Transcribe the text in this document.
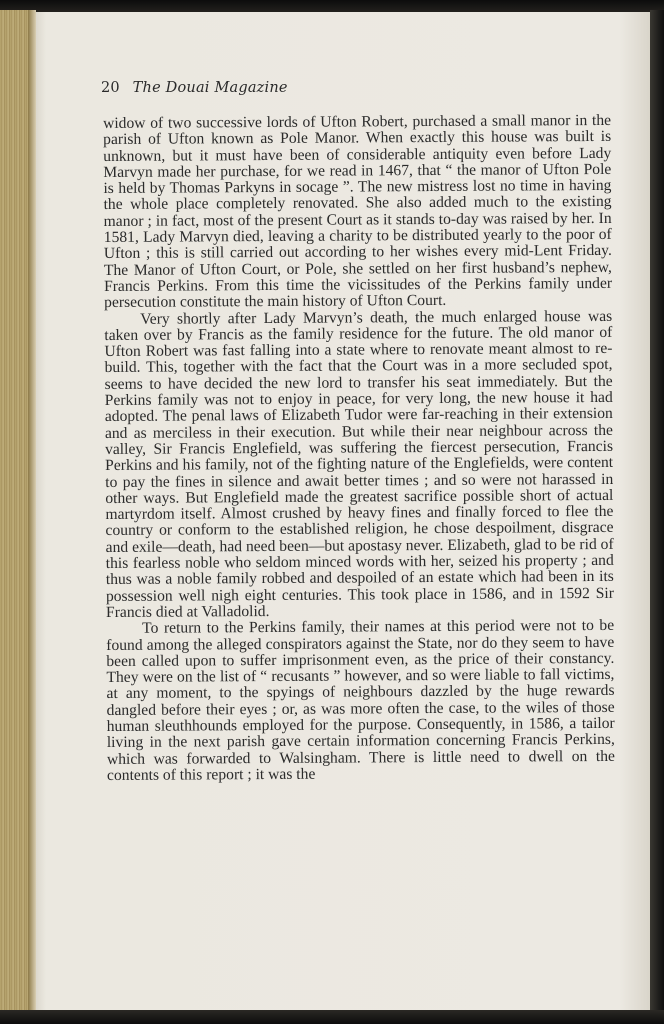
20 The Douai Magazine

widow of two successive lords of Ufton Robert, purchased a small manor in the parish of Ufton known as Pole Manor. When exactly this house was built is unknown, but it must have been of considerable antiquity even before Lady Marvyn made her purchase, for we read in 1467, that “ the manor of Ufton Pole is held by Thomas Parkyns in socage ”. The new mistress lost no time in having the whole place completely renovated. She also added much to the existing manor ; in fact, most of the present Court as it stands to-day was raised by her. In 1581, Lady Marvyn died, leaving a charity to be distributed yearly to the poor of Ufton ; this is still carried out according to her wishes every mid-Lent Friday. The Manor of Ufton Court, or Pole, she settled on her first husband’s nephew, Francis Perkins. From this time the vicissitudes of the Perkins family under persecution constitute the main history of Ufton Court.

Very shortly after Lady Marvyn’s death, the much enlarged house was taken over by Francis as the family residence for the future. The old manor of Ufton Robert was fast falling into a state where to renovate meant almost to re-build. This, together with the fact that the Court was in a more secluded spot, seems to have decided the new lord to transfer his seat immediately. But the Perkins family was not to enjoy in peace, for very long, the new house it had adopted. The penal laws of Elizabeth Tudor were far-reaching in their extension and as merciless in their execution. But while their near neighbour across the valley, Sir Francis Englefield, was suffering the fiercest persecution, Francis Perkins and his family, not of the fighting nature of the Englefields, were content to pay the fines in silence and await better times ; and so were not harassed in other ways. But Englefield made the greatest sacrifice possible short of actual martyrdom itself. Almost crushed by heavy fines and finally forced to flee the country or conform to the established religion, he chose despoilment, disgrace and exile—death, had need been—but apostasy never. Elizabeth, glad to be rid of this fearless noble who seldom minced words with her, seized his property ; and thus was a noble family robbed and despoiled of an estate which had been in its possession well nigh eight centuries. This took place in 1586, and in 1592 Sir Francis died at Valladolid.

To return to the Perkins family, their names at this period were not to be found among the alleged conspirators against the State, nor do they seem to have been called upon to suffer imprisonment even, as the price of their constancy. They were on the list of “ recusants ” however, and so were liable to fall victims, at any moment, to the spyings of neighbours dazzled by the huge rewards dangled before their eyes ; or, as was more often the case, to the wiles of those human sleuthhounds employed for the purpose. Consequently, in 1586, a tailor living in the next parish gave certain information concerning Francis Perkins, which was forwarded to Walsingham. There is little need to dwell on the contents of this report ; it was the
